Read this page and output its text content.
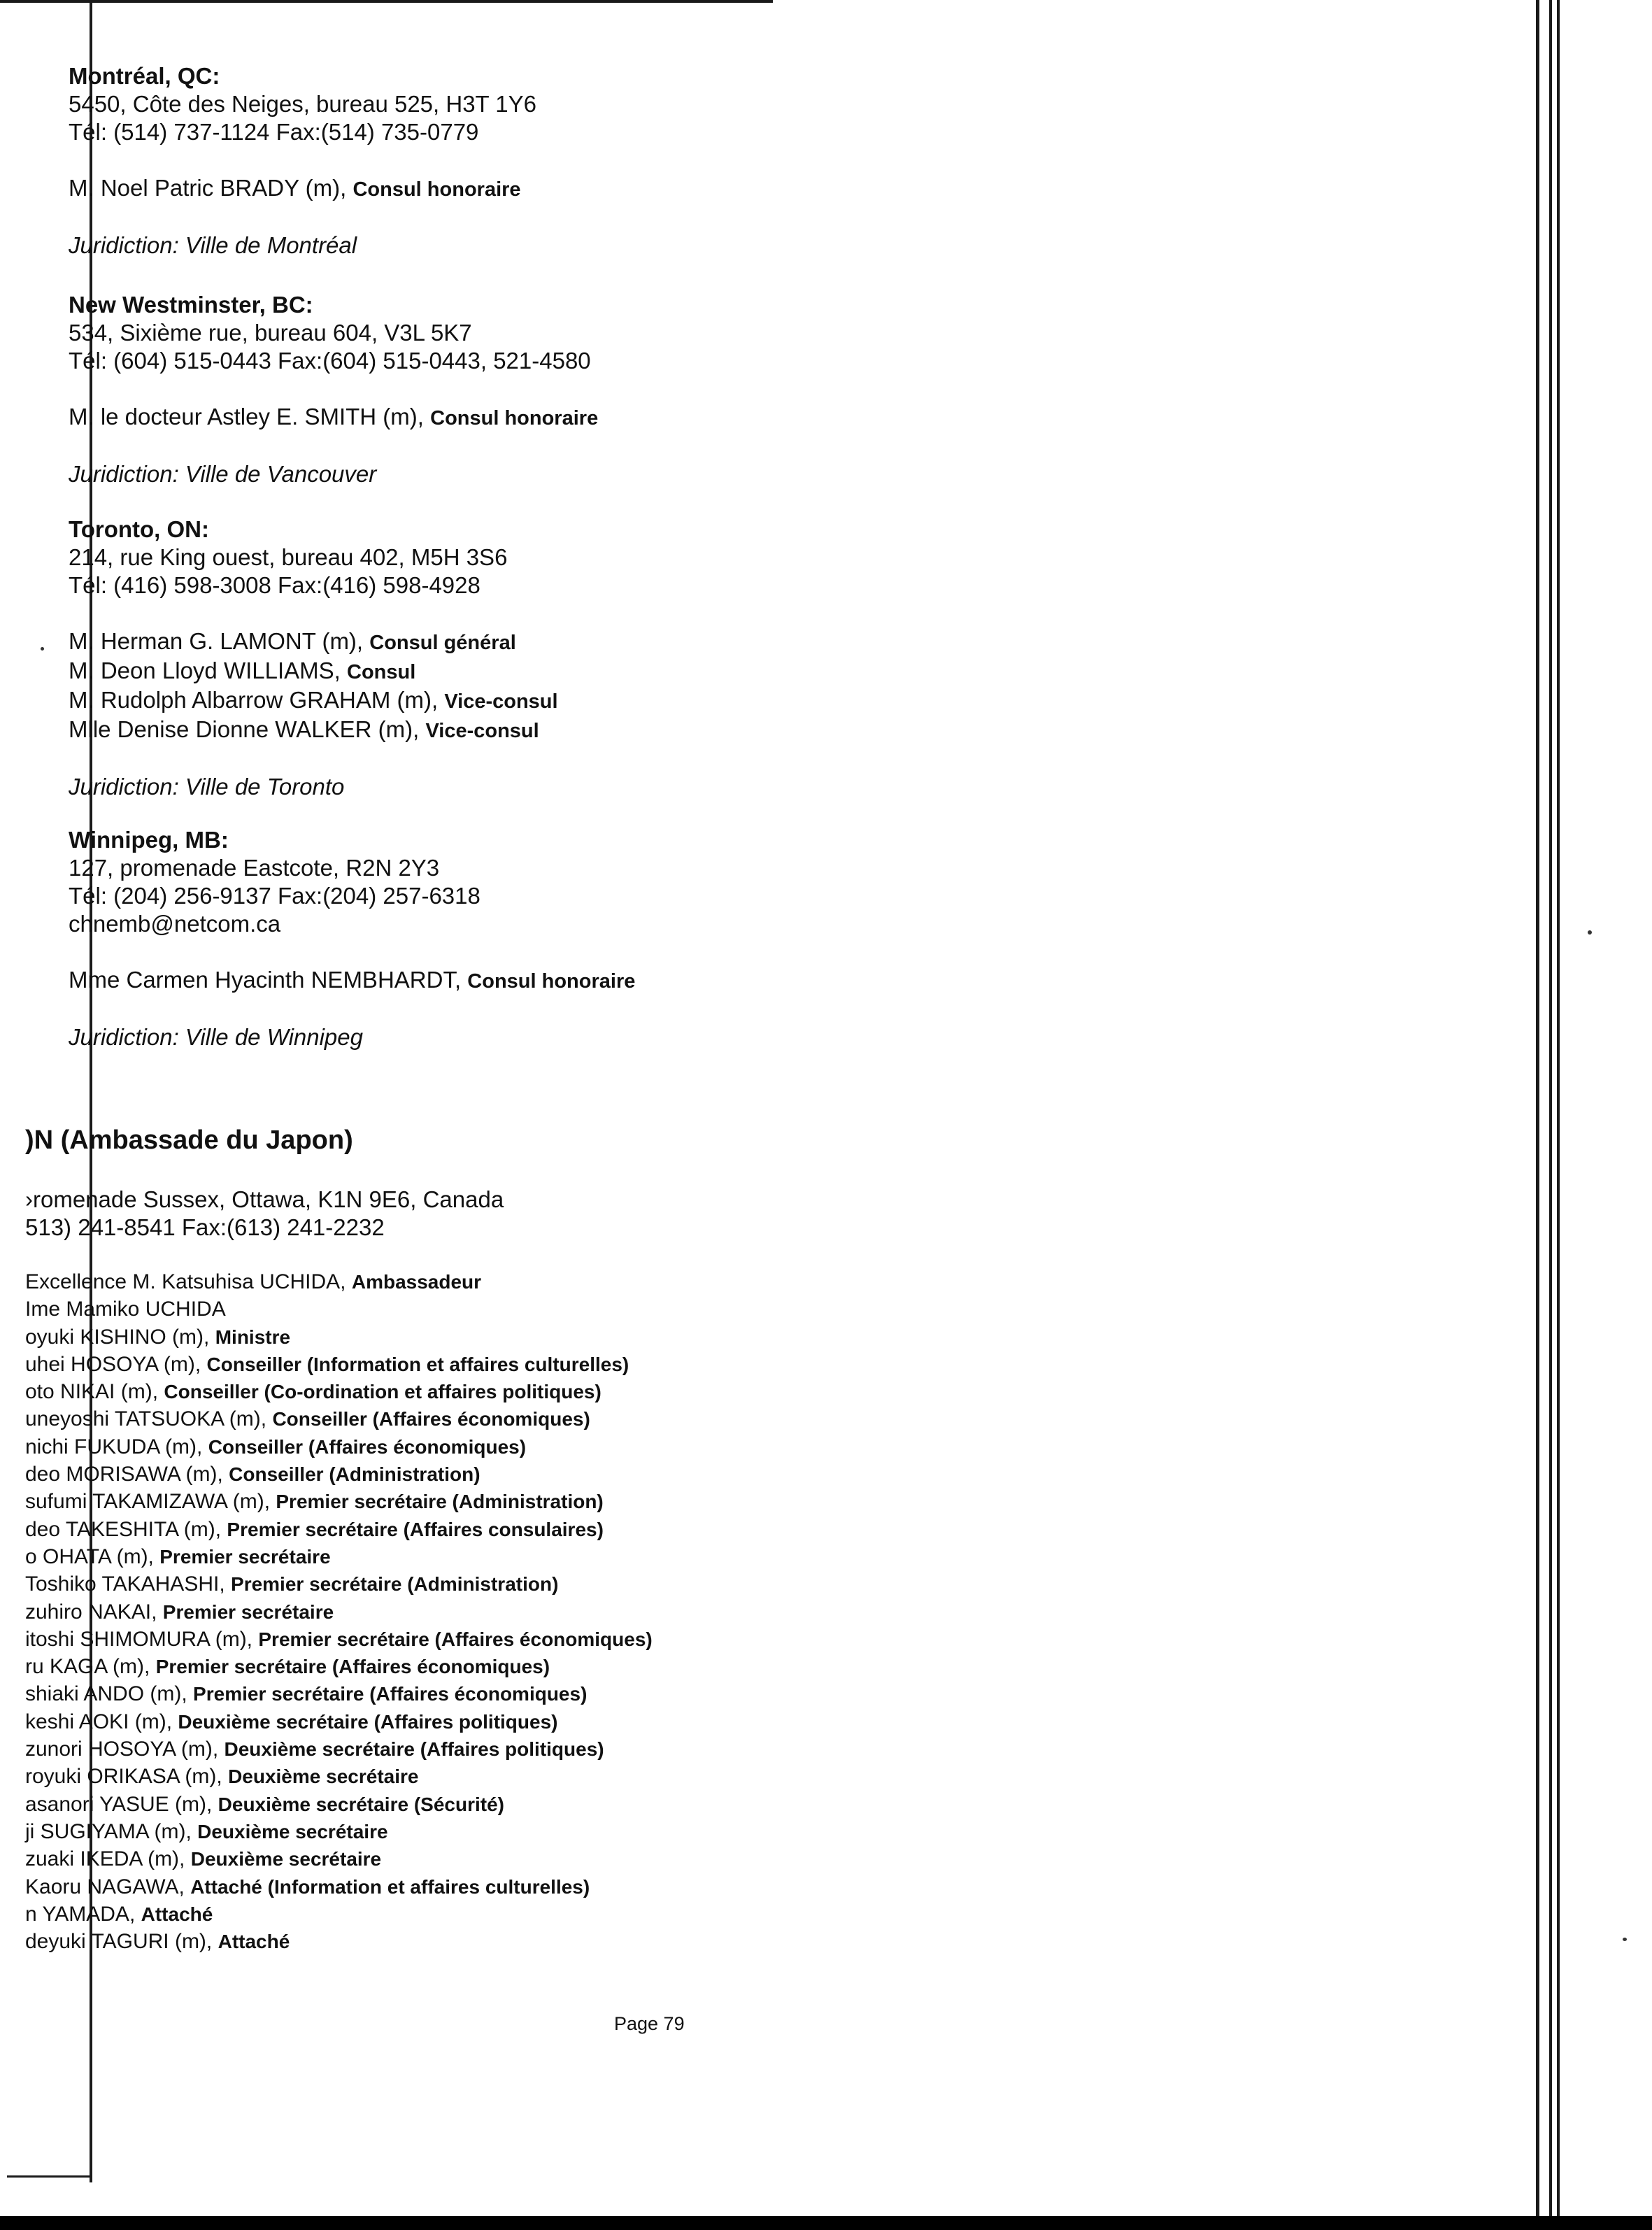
Montréal, QC:
5450, Côte des Neiges, bureau 525, H3T 1Y6
Tél: (514) 737-1124 Fax:(514) 735-0779
M. Noel Patric BRADY (m), Consul honoraire
Juridiction: Ville de Montréal
New Westminster, BC:
534, Sixième rue, bureau 604, V3L 5K7
Tél: (604) 515-0443 Fax:(604) 515-0443, 521-4580
M. le docteur Astley E. SMITH (m), Consul honoraire
Juridiction: Ville de Vancouver
Toronto, ON:
214, rue King ouest, bureau 402, M5H 3S6
Tél: (416) 598-3008 Fax:(416) 598-4928
M. Herman G. LAMONT (m), Consul général
M. Deon Lloyd WILLIAMS, Consul
M. Rudolph Albarrow GRAHAM (m), Vice-consul
Mlle Denise Dionne WALKER (m), Vice-consul
Juridiction: Ville de Toronto
Winnipeg, MB:
127, promenade Eastcote, R2N 2Y3
Tél: (204) 256-9137 Fax:(204) 257-6318
chnemb@netcom.ca
Mme Carmen Hyacinth NEMBHARDT, Consul honoraire
Juridiction: Ville de Winnipeg
)N (Ambassade du Japon)
›romenade Sussex, Ottawa, K1N 9E6, Canada
513) 241-8541 Fax:(613) 241-2232
Excellence M. Katsuhisa UCHIDA, Ambassadeur
Ime Mamiko UCHIDA
oyuki KISHINO (m), Ministre
uhei HOSOYA (m), Conseiller (Information et affaires culturelles)
oto NIKAI (m), Conseiller (Co-ordination et affaires politiques)
uneyoshi TATSUOKA (m), Conseiller (Affaires économiques)
nichi FUKUDA (m), Conseiller (Affaires économiques)
deo MORISAWA (m), Conseiller (Administration)
sufumi TAKAMIZAWA (m), Premier secrétaire (Administration)
deo TAKESHITA (m), Premier secrétaire (Affaires consulaires)
o OHATA (m), Premier secrétaire
Toshiko TAKAHASHI, Premier secrétaire (Administration)
zuhiro NAKAI, Premier secrétaire
itoshi SHIMOMURA (m), Premier secrétaire (Affaires économiques)
ru KAGA (m), Premier secrétaire (Affaires économiques)
shiaki ANDO (m), Premier secrétaire (Affaires économiques)
keshi AOKI (m), Deuxième secrétaire (Affaires politiques)
zunori HOSOYA (m), Deuxième secrétaire (Affaires politiques)
royuki ORIKASA (m), Deuxième secrétaire
asanori YASUE (m), Deuxième secrétaire (Sécurité)
ji SUGIYAMA (m), Deuxième secrétaire
zuaki IKEDA (m), Deuxième secrétaire
Kaoru NAGAWA, Attaché (Information et affaires culturelles)
n YAMADA, Attaché
deyuki TAGURI (m), Attaché
Page 79
